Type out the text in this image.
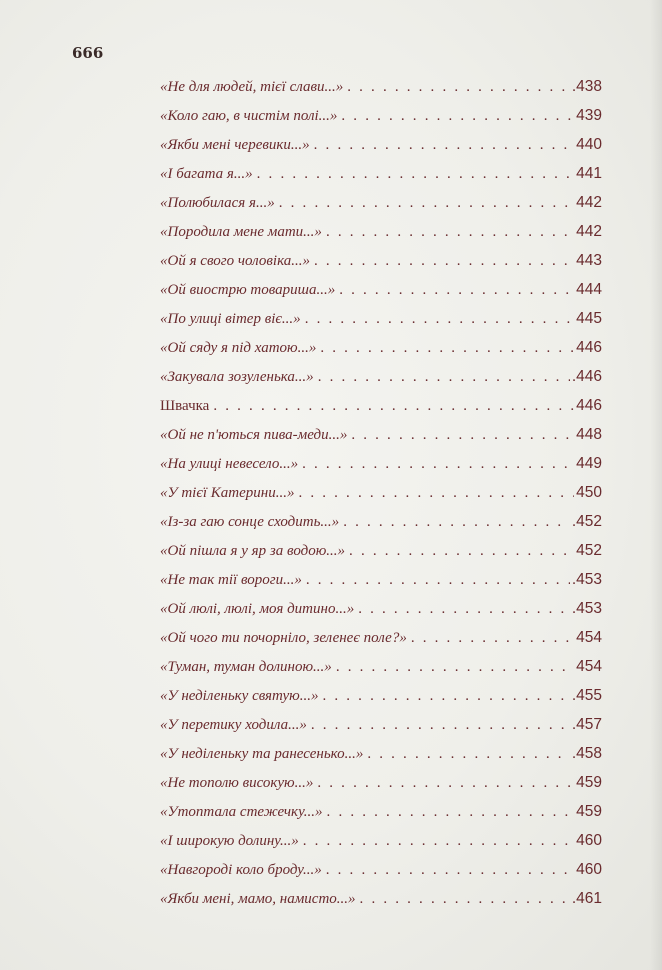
666
«Не для людей, тієї слави...» . . .	.438
«Коло гаю, в чистім полі...» . . .	439
«Якби мені черевики...» . . .	440
«І багата я...» . . .	441
«Полюбилася я...» . . .	442
«Породила мене мати...» . . .	442
«Ой я свого чоловіка...» . . .	443
«Ой виострю товариша...» . . .	444
«По улиці вітер віє...» . . .	445
«Ой сяду я під хатою...» . . .	446
«Закувала зозуленька...» . . .	.446
Швачка . . .	446
«Ой не п'ються пива-меди...» . . .	448
«На улиці невесело...» . . .	449
«У тієї Катерини...» . . .	450
«Із-за гаю сонце сходить...» . . .	.452
«Ой пішла я у яр за водою...» . . .	452
«Не так тії вороги...» . . .	.453
«Ой люлі, люлі, моя дитино...» . . .	.453
«Ой чого ти почорніло, зеленеє поле?» . . .	454
«Туман, туман долиною...» . . .	454
«У неділеньку святую...» . . .	.455
«У перетику ходила...» . . .	.457
«У неділеньку та ранесенько...» . . .	.458
«Не тополю високую...» . . .	459
«Утоптала стежечку...» . . .	459
«І широкую долину...» . . .	460
«Навгороді коло броду...» . . .	460
«Якби мені, мамо, намисто...» . . .	.461
